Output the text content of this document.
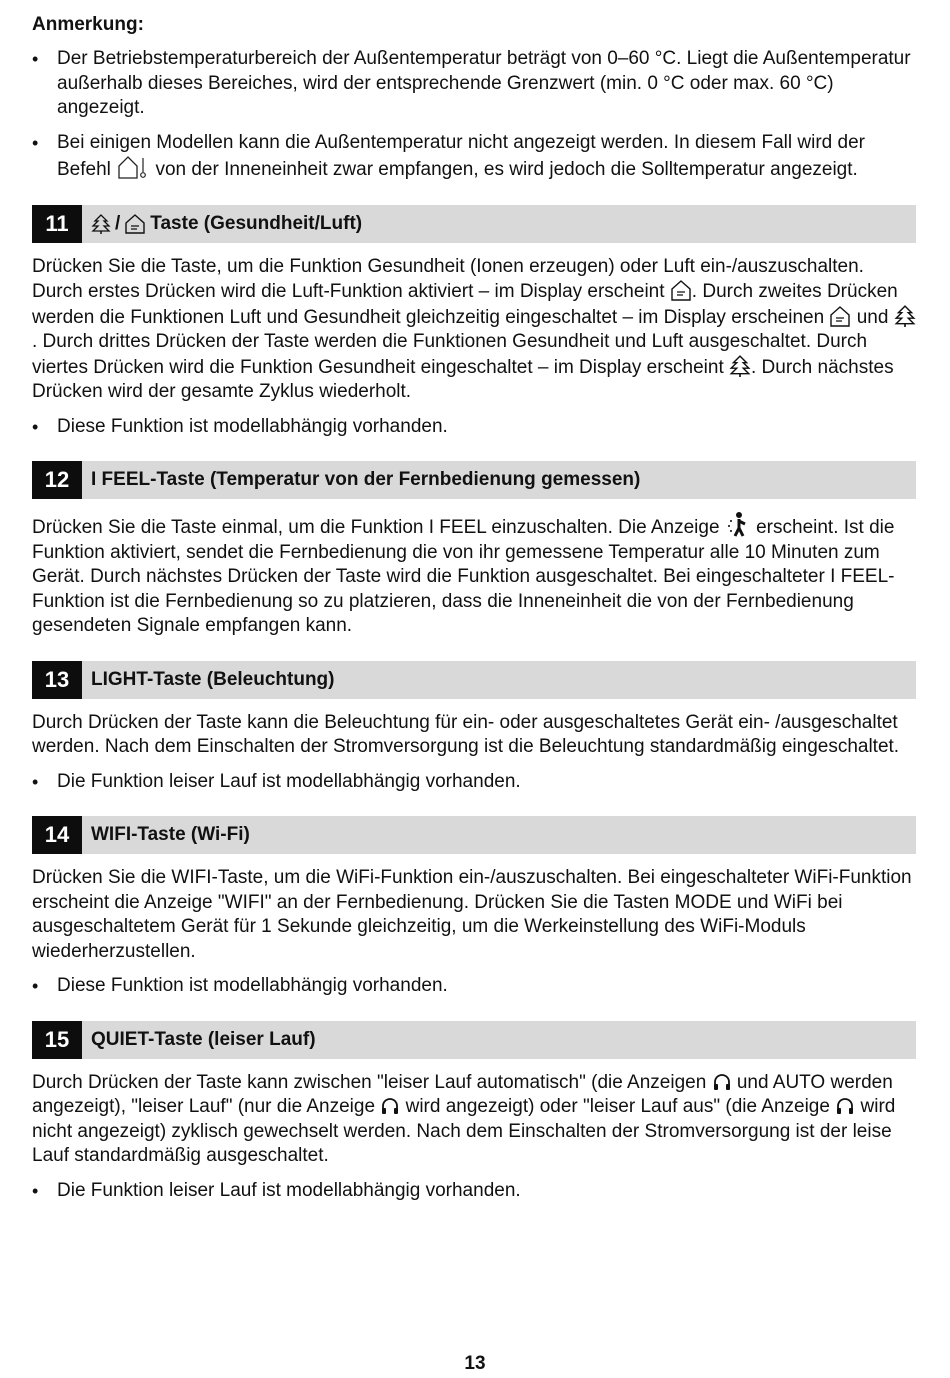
Anmerkung:
• Der Betriebstemperaturbereich der Außentemperatur beträgt von 0–60 °C. Liegt die Außentemperatur außerhalb dieses Bereiches, wird der entsprechende Grenzwert (min. 0 °C oder max. 60 °C) angezeigt.
• Bei einigen Modellen kann die Außentemperatur nicht angezeigt werden. In diesem Fall wird der Befehl von der Inneneinheit zwar empfangen, es wird jedoch die Solltemperatur angezeigt.
11	/ Taste (Gesundheit/Luft)

Drücken Sie die Taste, um die Funktion Gesundheit (Ionen erzeugen) oder Luft ein-/auszuschalten. Durch erstes Drücken wird die Luft-Funktion aktiviert – im Display erscheint . Durch zweites Drücken werden die Funktionen Luft und Gesundheit gleichzeitig eingeschaltet – im Display erscheinen und
. Durch drittes Drücken der Taste werden die Funktionen Gesundheit und Luft ausgeschaltet. Durch viertes Drücken wird die Funktion Gesundheit eingeschaltet – im Display erscheint . Durch nächstes Drücken wird der gesamte Zyklus wiederholt.

• Diese Funktion ist modellabhängig vorhanden.
12	I FEEL-Taste (Temperatur von der Fernbedienung gemessen)

Drücken Sie die Taste einmal, um die Funktion I FEEL einzuschalten. Die Anzeige erscheint. Ist die Funktion aktiviert, sendet die Fernbedienung die von ihr gemessene Temperatur alle 10 Minuten zum Gerät. Durch nächstes Drücken der Taste wird die Funktion ausgeschaltet. Bei eingeschalteter I FEEL-Funktion ist die Fernbedienung so zu platzieren, dass die Inneneinheit die von der Fernbedienung gesendeten Signale empfangen kann.

13	LIGHT-Taste (Beleuchtung)

Durch Drücken der Taste kann die Beleuchtung für ein- oder ausgeschaltetes Gerät ein- /ausgeschaltet werden. Nach dem Einschalten der Stromversorgung ist die Beleuchtung standardmäßig eingeschaltet.

• Die Funktion leiser Lauf ist modellabhängig vorhanden.
14	WIFI-Taste (Wi-Fi)

Drücken Sie die WIFI-Taste, um die WiFi-Funktion ein-/auszuschalten. Bei eingeschalteter WiFi-Funktion erscheint die Anzeige "WIFI" an der Fernbedienung. Drücken Sie die Tasten MODE und WiFi bei ausgeschaltetem Gerät für 1 Sekunde gleichzeitig, um die Werkeinstellung des WiFi-Moduls wiederherzustellen.

• Diese Funktion ist modellabhängig vorhanden.
15	QUIET-Taste (leiser Lauf)

Durch Drücken der Taste kann zwischen "leiser Lauf automatisch" (die Anzeigen und AUTO werden angezeigt), "leiser Lauf" (nur die Anzeige wird angezeigt) oder "leiser Lauf aus" (die Anzeige wird nicht angezeigt) zyklisch gewechselt werden. Nach dem Einschalten der Stromversorgung ist der leise Lauf standardmäßig ausgeschaltet.

• Die Funktion leiser Lauf ist modellabhängig vorhanden.
13
